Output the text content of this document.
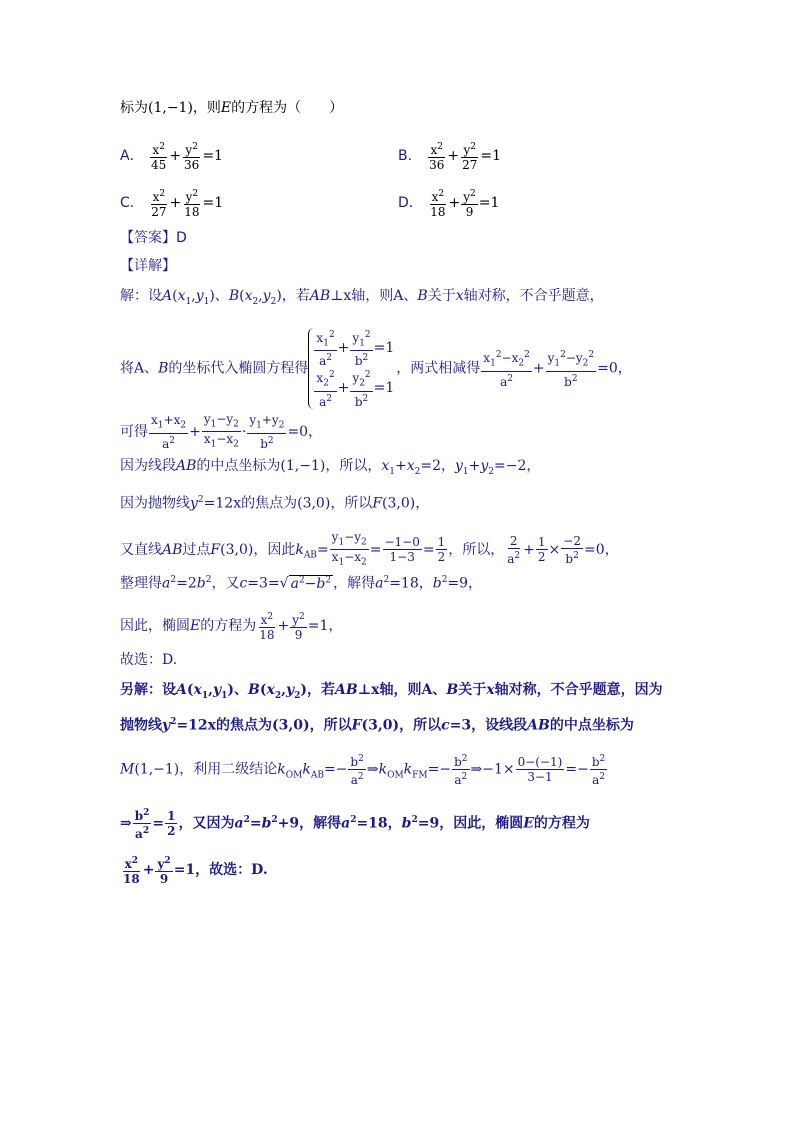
标为(1,−1)，则E的方程为（　　）
A． $\frac{x^2}{45} + \frac{y^2}{36} =1$	B． $\frac{x^2}{36} + \frac{y^2}{27} =1$
C． $\frac{x^2}{27} + \frac{y^2}{18} =1$	D． $\frac{x^2}{18} + \frac{y^2}{9} =1$
【答案】D
【详解】
解：设$A(x_1,y_1)$、$B(x_2,y_2)$，若AB⊥x轴，则A、B关于x轴对称，不合乎题意，
将A、B的坐标代入椭圆方程得 $\frac{x_1^2}{a^2} + \frac{y_1^2}{b^2} =1$
$\frac{x_2^2}{a^2} + \frac{y_2^2}{b^2} =1$
，两式相减得 $\frac{x_1^2-x_2^2}{a^2} + \frac{y_1^2-y_2^2}{b^2} =0$，
可得 $\frac{x_1+x_2}{a^2} + \frac{y_1-y_2}{x_1-x_2} \cdot \frac{y_1+y_2}{b^2} =0$，
因为线段AB的中点坐标为(1,−1)，所以，$x_1+x_2=2$，$y_1+y_2=-2$，
因为抛物线$y^2=12x$的焦点为(3,0)，所以F(3,0)，
又直线AB过点F(3,0)，因此$k_{AB}= \frac{y_1-y_2}{x_1-x_2} = \frac{-1-0}{1-3} = \frac{1}{2}$ ，所以， $\frac{2}{a^2} + \frac{1}{2} \times \frac{-2}{b^2} =0$，
整理得$a^2=2b^2$，又c=3=√ $a^2-b^2$ ，解得$a^2=18$，$b^2=9$，
因此，椭圆E的方程为 $\frac{x^2}{18} + \frac{y^2}{9} =1$，
故选：D.
另解：设$A(x_1,y_1)$、$B(x_2,y_2)$，若AB⊥x轴，则A、B关于x轴对称，不合乎题意，因为
抛物线$y^2=12x$的焦点为(3,0)，所以F(3,0)，所以c=3，设线段AB的中点坐标为
M(1,−1)，利用二级结论$k_{OM}k_{AB}=- \frac{b^2}{a^2}$ $\Rightarrow k_{OM}k_{FM}=- \frac{b^2}{a^2}$ ⇒−1× $\frac{0-(-1)}{3-1} =- \frac{b^2}{a^2}$
⇒ $\frac{b^2}{a^2} = \frac{1}{2}$ ，又因为$a^2=b^2+9$，解得$a^2=18$，$b^2=9$，因此，椭圆E的方程为
$\frac{x^2}{18} + \frac{y^2}{9} =1$，故选：D.
